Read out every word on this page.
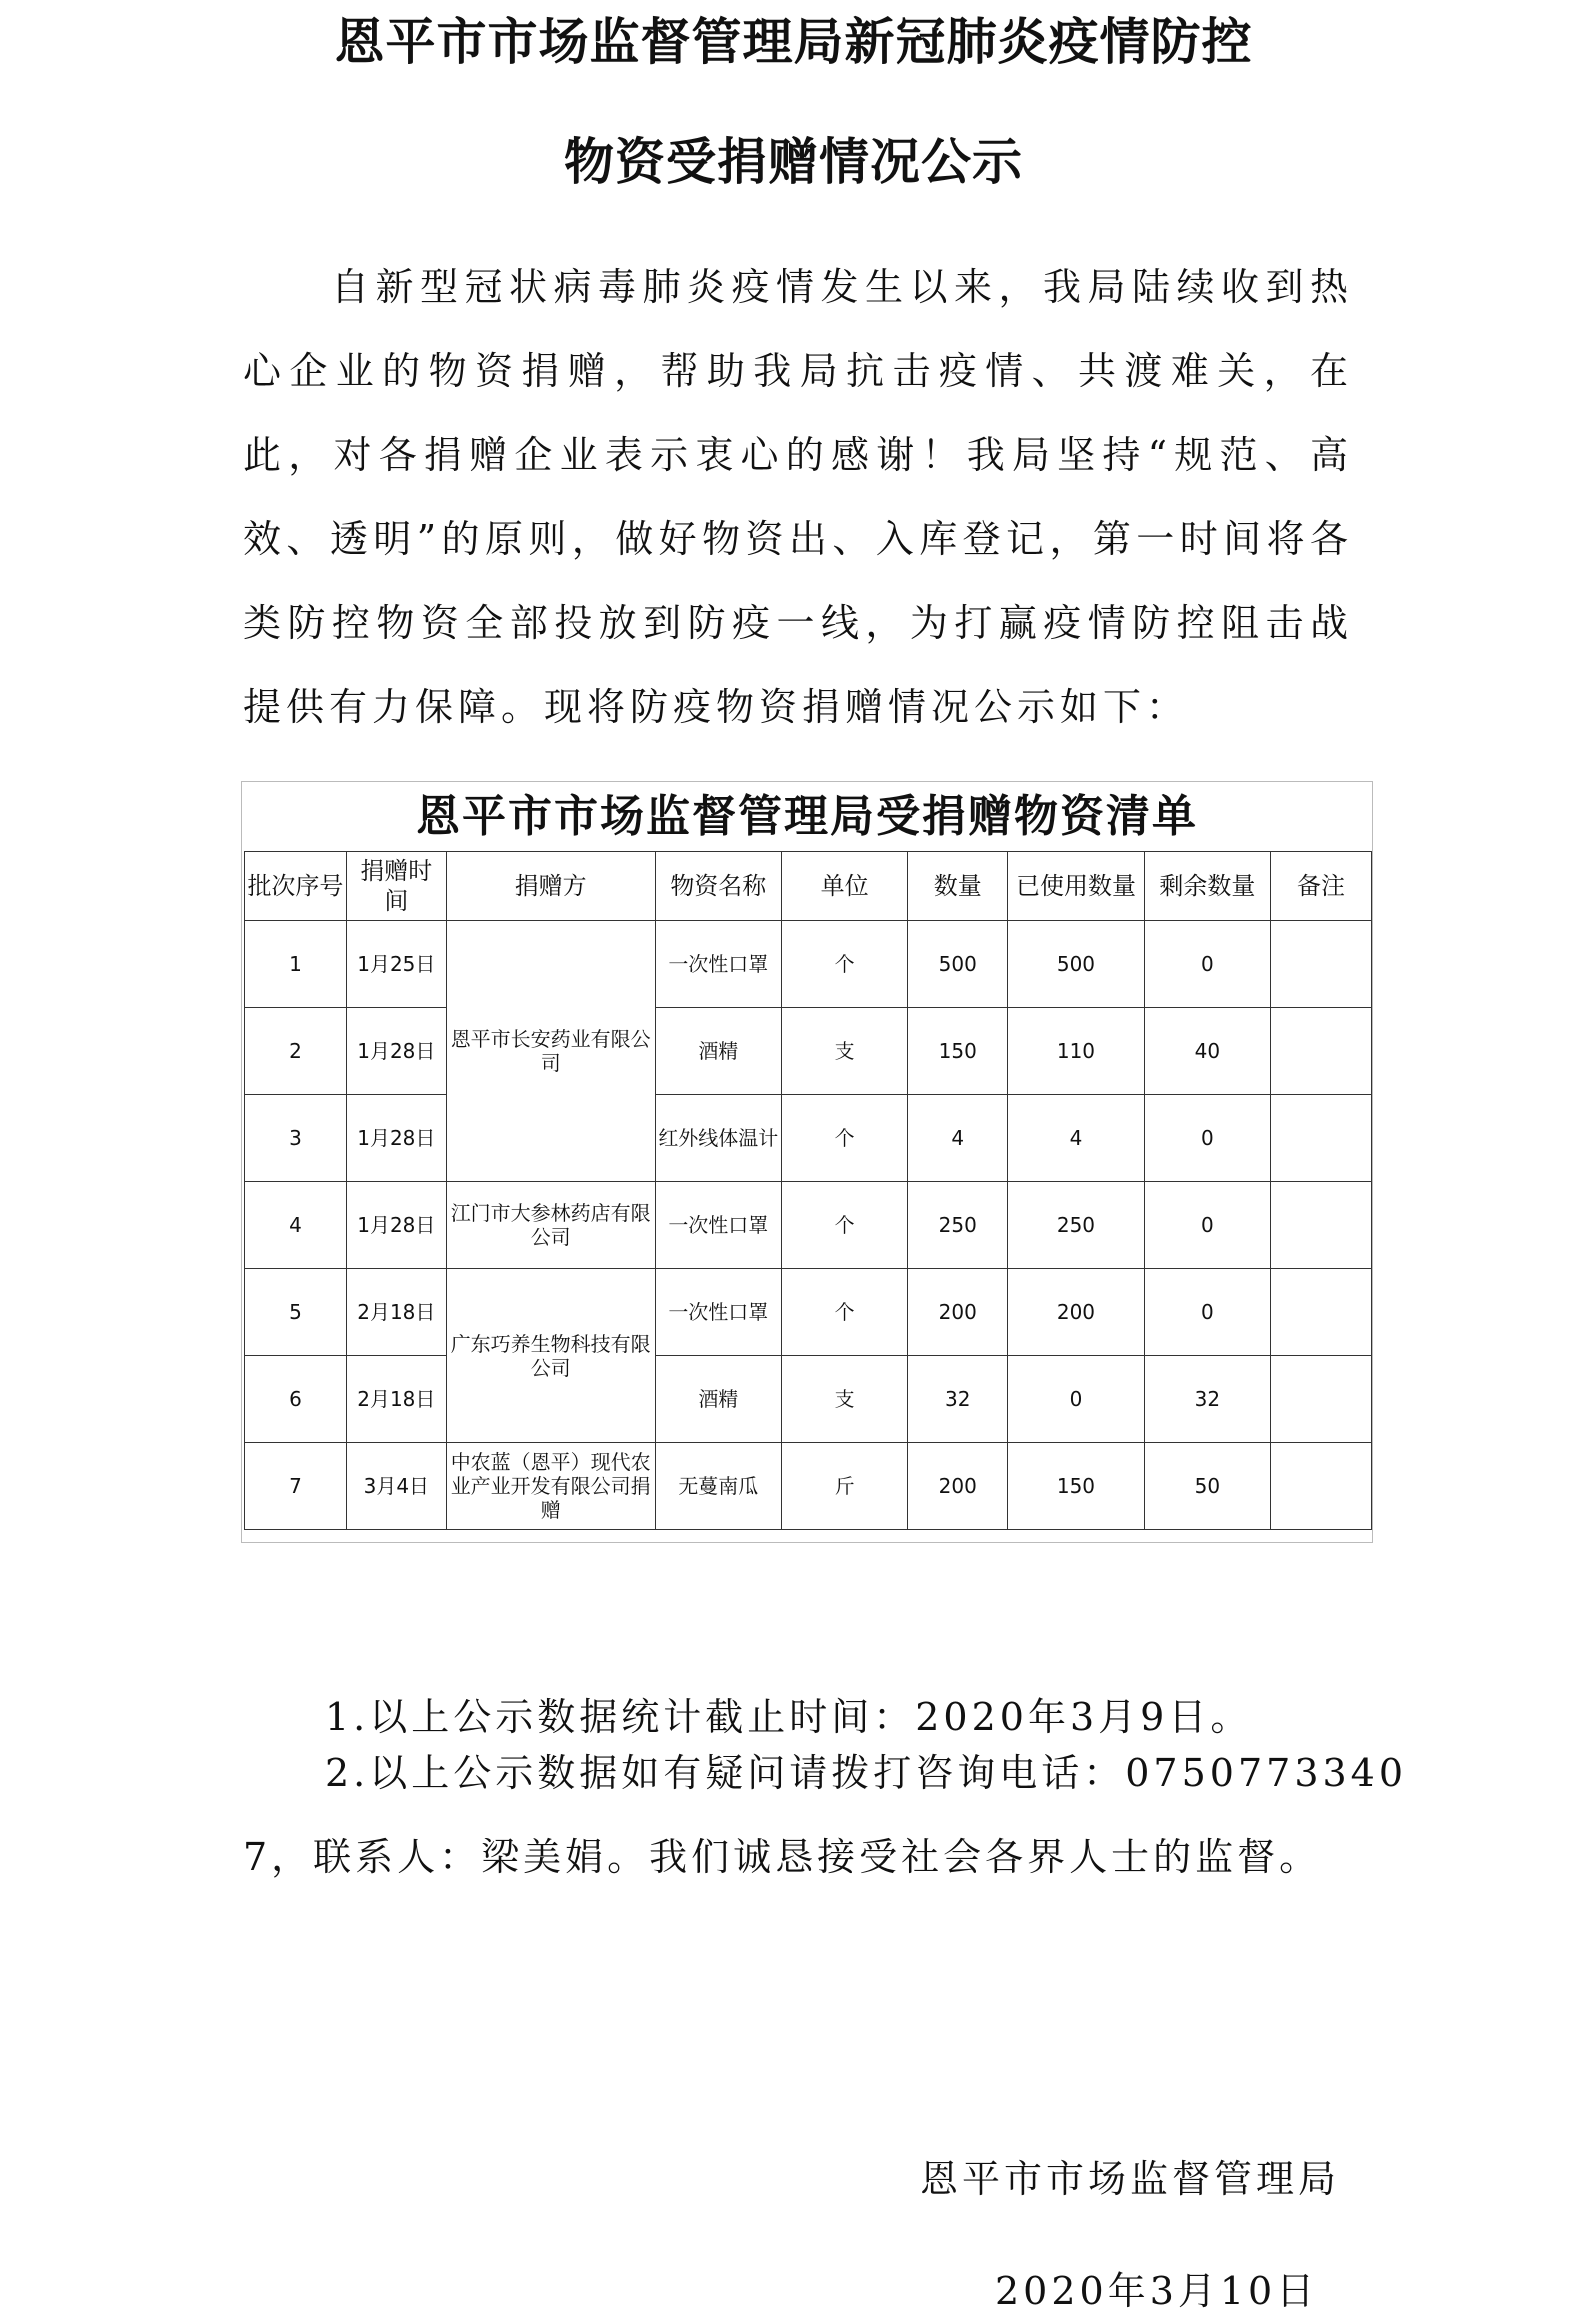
恩平市市场监督管理局新冠肺炎疫情防控
物资受捐赠情况公示

自新型冠状病毒肺炎疫情发生以来，我局陆续收到热心企业的物资捐赠，帮助我局抗击疫情、共渡难关，在此，对各捐赠企业表示衷心的感谢！我局坚持“规范、高效、透明”的原则，做好物资出、入库登记，第一时间将各类防控物资全部投放到防疫一线，为打赢疫情防控阻击战提供有力保障。现将防疫物资捐赠情况公示如下：

恩平市市场监督管理局受捐赠物资清单
批次序号	捐赠时间	捐赠方	物资名称	单位	数量	已使用数量	剩余数量	备注
1	1月25日	恩平市长安药业有限公司	一次性口罩	个	500	500	0	
2	1月28日		酒精	支	150	110	40	
3	1月28日		红外线体温计	个	4	4	0	
4	1月28日	江门市大参林药店有限公司	一次性口罩	个	250	250	0	
5	2月18日	广东巧养生物科技有限公司	一次性口罩	个	200	200	0	
6	2月18日		酒精	支	32	0	32	
7	3月4日	中农蓝（恩平）现代农业产业开发有限公司捐赠	无蔓南瓜	斤	200	150	50	

1.以上公示数据统计截止时间：2020年3月9日。

2.以上公示数据如有疑问请拨打咨询电话：0750773340

7，联系人：梁美娟。我们诚恳接受社会各界人士的监督。

恩平市市场监督管理局
2020年3月10日
